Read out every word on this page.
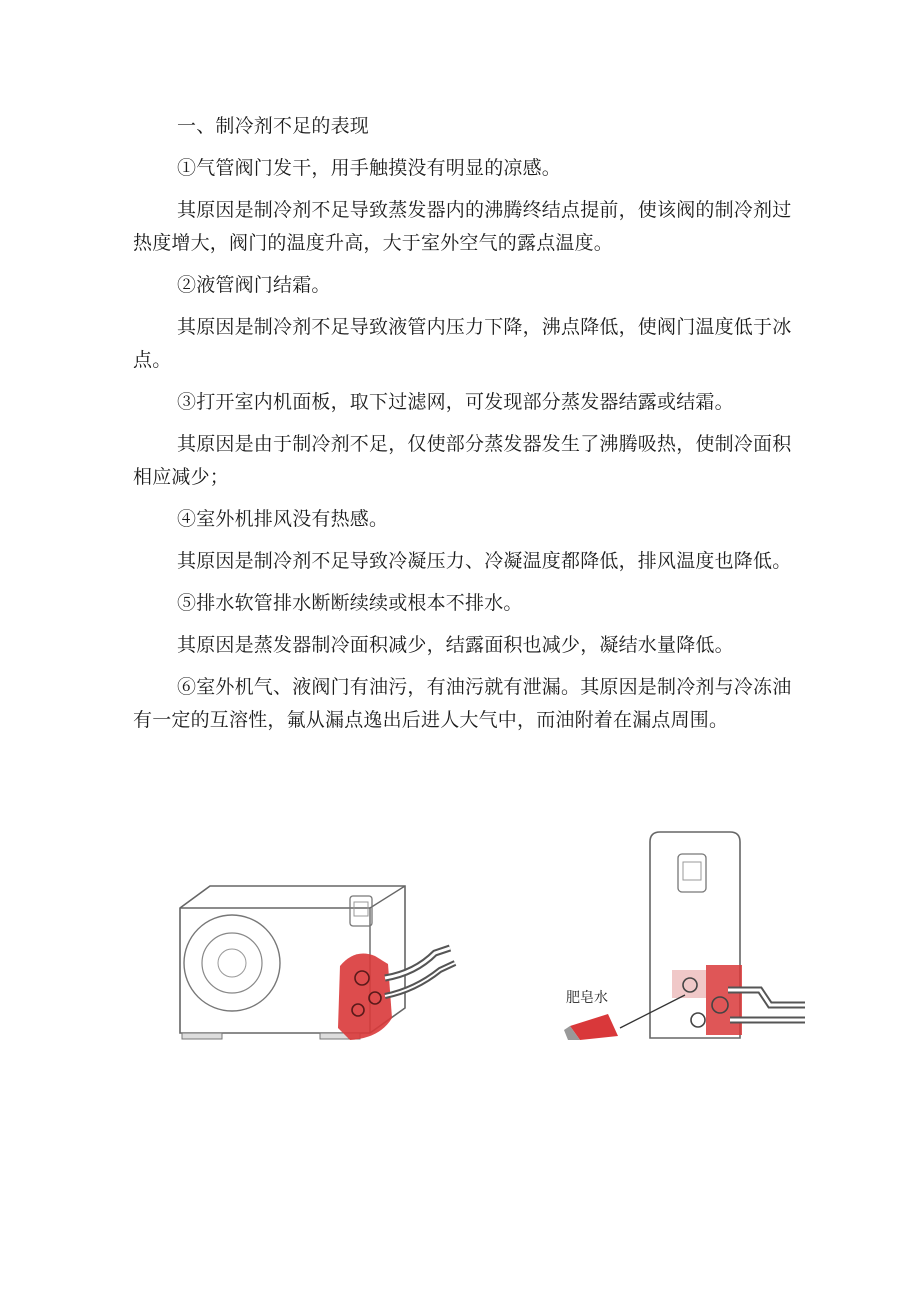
一、制冷剂不足的表现

①气管阀门发干，用手触摸没有明显的凉感。

其原因是制冷剂不足导致蒸发器内的沸腾终结点提前，使该阀的制冷剂过热度增大，阀门的温度升高，大于室外空气的露点温度。

②液管阀门结霜。

其原因是制冷剂不足导致液管内压力下降，沸点降低，使阀门温度低于冰点。

③打开室内机面板，取下过滤网，可发现部分蒸发器结露或结霜。

其原因是由于制冷剂不足，仅使部分蒸发器发生了沸腾吸热，使制冷面积相应减少；

④室外机排风没有热感。

其原因是制冷剂不足导致冷凝压力、冷凝温度都降低，排风温度也降低。

⑤排水软管排水断断续续或根本不排水。

其原因是蒸发器制冷面积减少，结露面积也减少，凝结水量降低。

⑥室外机气、液阀门有油污，有油污就有泄漏。其原因是制冷剂与冷冻油有一定的互溶性，氟从漏点逸出后进人大气中，而油附着在漏点周围。

肥皂水
